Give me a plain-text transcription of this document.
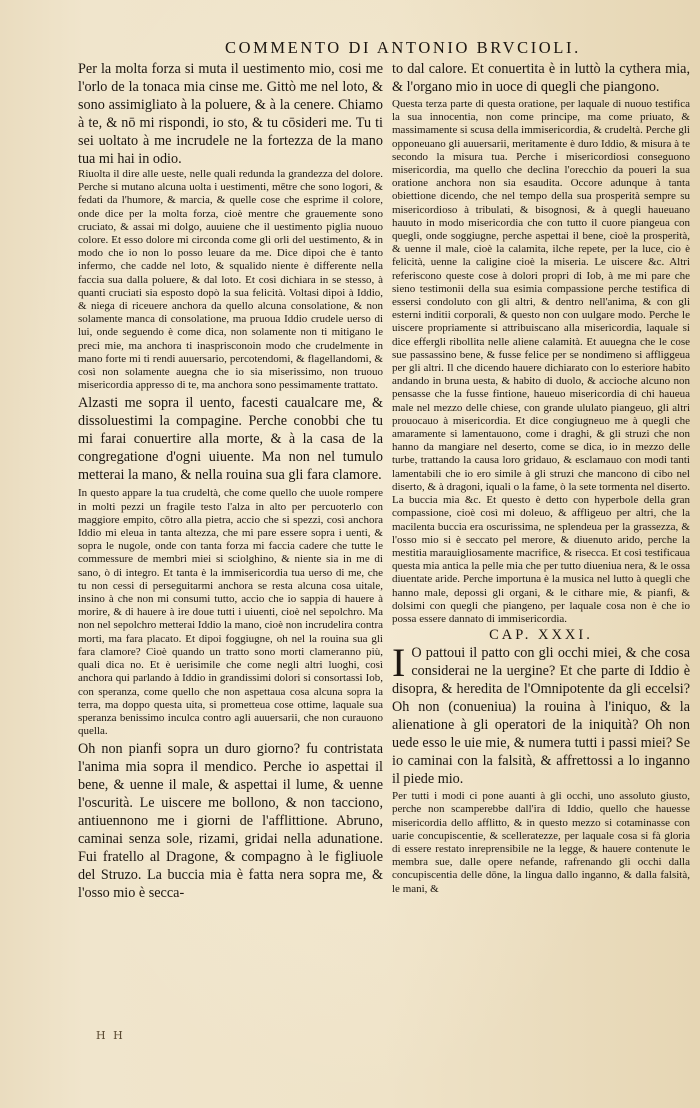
COMMENTO DI ANTONIO BRVCIOLI.

Per la molta forza si muta il uestimento mio, cosi me l'orlo de la tonaca mia cinse me. Gittò me nel loto, & sono assimigliato à la poluere, & à la cenere. Chiamo à te, & nō mi rispondi, io sto, & tu cōsideri me. Tu ti sei uoltato à me incrudele ne la fortezza de la mano tua mi hai in odio.

Riuolta il dire alle ueste, nelle quali redunda la grandezza del dolore. Perche si mutano alcuna uolta i uestimenti, mētre che sono logori, & fedati da l'humore, & marcia, & quelle cose che esprime il colore, onde dice per la molta forza, cioè mentre che grauemente sono cruciato, & assai mi dolgo, auuiene che il uestimento piglia nuouo colore. Et esso dolore mi circonda come gli orli del uestimento, & in modo che io non lo posso leuare da me. Dice dipoi che è tanto infermo, che cadde nel loto, & squalido niente è differente nella faccia sua dalla poluere, & dal loto. Et così dichiara in se stesso, à quanti cruciati sia esposto dopò la sua felicità. Voltasi dipoi à Iddio, & niega di riceuere anchora da quello alcuna consolatione, & non solamente manca di consolatione, ma pruoua Iddio crudele uerso di lui, onde seguendo è come dica, non solamente non ti mitigano le preci mie, ma anchora ti inasprisconoin modo che crudelmente in mano forte mi ti rendi auuersario, percotendomi, & flagellandomi, & così non solamente auegna che io sia miserissimo, non truouo misericordia appresso di te, ma anchora sono pessimamente trattato.

Alzasti me sopra il uento, facesti caualcare me, & dissoluestimi la compagine. Perche conobbi che tu mi farai conuertire alla morte, & à la casa de la congregatione d'ogni uiuente. Ma non nel tumulo metterai la mano, & nella rouina sua gli fara clamore.

In questo appare la tua crudeltà, che come quello che uuole rompere in molti pezzi un fragile testo l'alza in alto per percuoterlo con maggiore empito, cōtro alla pietra, accio che si spezzi, così anchora Iddio mi eleua in tanta altezza, che mi pare essere sopra i uenti, & sopra le nugole, onde con tanta forza mi faccia cadere che tutte le commessure de membri miei si sciolghino, & niente sia in me di sano, ò di integro. Et tanta è la immisericordia tua uerso di me, che tu non cessi di perseguitarmi anchora se resta alcuna cosa uitale, insino à che non mi consumi tutto, accio che io sappia di hauere à morire, & di hauere à ire doue tutti i uiuenti, cioè nel sepolchro. Ma non nel sepolchro metterai Iddio la mano, cioè non incrudelira contra morti, ma fara placato. Et dipoi foggiugne, oh nel la rouina sua gli fara clamore? Cioè quando un tratto sono morti clameranno più, quali dica no. Et è uerisimile che come negli altri luoghi, così anchora qui parlando à Iddio in grandissimi dolori si consortassi Iob, con speranza, come quello che non aspettaua cosa alcuna sopra la terra, ma doppo questa uita, si prometteua cose ottime, laquale sua speranza benissimo inculca contro agli auuersarii, che non curauono quella.

Oh non pianfi sopra un duro giorno? fu contristata l'anima mia sopra il mendico. Perche io aspettai il bene, & uenne il male, & aspettai il lume, & uenne l'oscurità. Le uiscere me bollono, & non tacciono, antiuennono me i giorni de l'afflittione. Abruno, caminai senza sole, rizami, gridai nella adunatione. Fui fratello al Dragone, & compagno à le figliuole del Struzo. La buccia mia è fatta nera sopra me, & l'osso mio è secca-

to dal calore. Et conuertita è in luttò la cythera mia, & l'organo mio in uoce di quegli che piangono.

Questa terza parte di questa oratione, per laquale di nuouo testifica la sua innocentia, non come principe, ma come priuato, & massimamente si scusa della immisericordia, & crudeltà. Perche gli opponeuano gli auuersarii, meritamente è duro Iddio, & misura à te secondo la misura tua. Perche i misericordiosi conseguono misericordia, ma quello che declina l'orecchio da poueri la sua oratione anchora non sia esaudita. Occore adunque à tanta obiettione dicendo, che nel tempo della sua prosperità sempre su misericordioso à tribulati, & bisognosi, & à quegli haueuano hauuto in modo misericordia che con tutto il cuore piangeua con quegli, onde soggiugne, perche aspettai il bene, cioè la prosperità, & uenne il male, cioè la calamita, ilche repete, per la luce, cio è felicità, uenne la caligine cioè la miseria. Le uiscere &c. Altri referiscono queste cose à dolori propri di Iob, à me mi pare che sieno testimonii della sua esimia compassione perche testifica di essersi condoluto con gli altri, & dentro nell'anima, & con gli esterni inditii corporali, & questo non con uulgare modo. Perche le uiscere propriamente si attribuiscano alla misericordia, laquale si dice effergli ribollita nelle aliene calamità. Et auuegna che le cose sue passassino bene, & fusse felice per se nondimeno si affliggeua per gli altri. Il che dicendo hauere dichiarato con lo esteriore habito andando in bruna uesta, & habito di duolo, & accioche alcuno non pensasse che la fusse fintione, haueuo misericordia di chi haueua male nel mezzo delle chiese, con grande ululato piangeuo, gli altri prouocauo à misericordia. Et dice congiugneuo me à quegli che amaramente si lamentauono, come i draghi, & gli struzi che non hanno da mangiare nel deserto, come se dica, io in mezzo delle turbe, trattando la causa loro gridauo, & esclamauo con modi tanti lamentabili che io ero simile à gli struzi che mancono di cibo nel diserto, & à dragoni, iquali o la fame, ò la sete tormenta nel diserto. La buccia mia &c. Et questo è detto con hyperbole della gran compassione, cioè così mi doleuo, & affligeuo per altri, che la macilenta buccia era oscurissima, ne splendeua per la grassezza, & l'osso mio si è seccato pel merore, & diuenuto arido, perche la mestitia marauigliosamente macrifice, & risecca. Et così testificaua questa mia antica la pelle mia che per tutto diueniua nera, & le ossa diuentate aride. Perche importuna è la musica nel lutto à quegli che hanno male, depossi gli organi, & le cithare mie, & pianfi, & dolsimi con quegli che piangeno, per laquale cosa non è che io possa essere dannato di immisericordia.

CAP. XXXI.
I O pattoui il patto con gli occhi miei, & che cosa considerai ne la uergine? Et che parte di Iddio è disopra, & heredita de l'Omnipotente da gli eccelsi? Oh non (conueniua) la rouina à l'iniquo, & la alienatione à gli operatori de la iniquità? Oh non uede esso le uie mie, & numera tutti i passi miei? Se io caminai con la falsità, & affrettossi a lo inganno il piede mio.

Per tutti i modi ci pone auanti à gli occhi, uno assoluto giusto, perche non scamperebbe dall'ira di Iddio, quello che hauesse misericordia dello afflitto, & in questo mezzo si cotaminasse con uarie concupiscentie, & scelleratezze, per laquale cosa si fà gloria di essere restato inreprensibile ne la legge, & hauere contenute le membra sue, dalle opere nefande, rafrenando gli occhi dalla concupiscentia delle dōne, la lingua dallo inganno, & dalla falsità, le mani, &

H H
